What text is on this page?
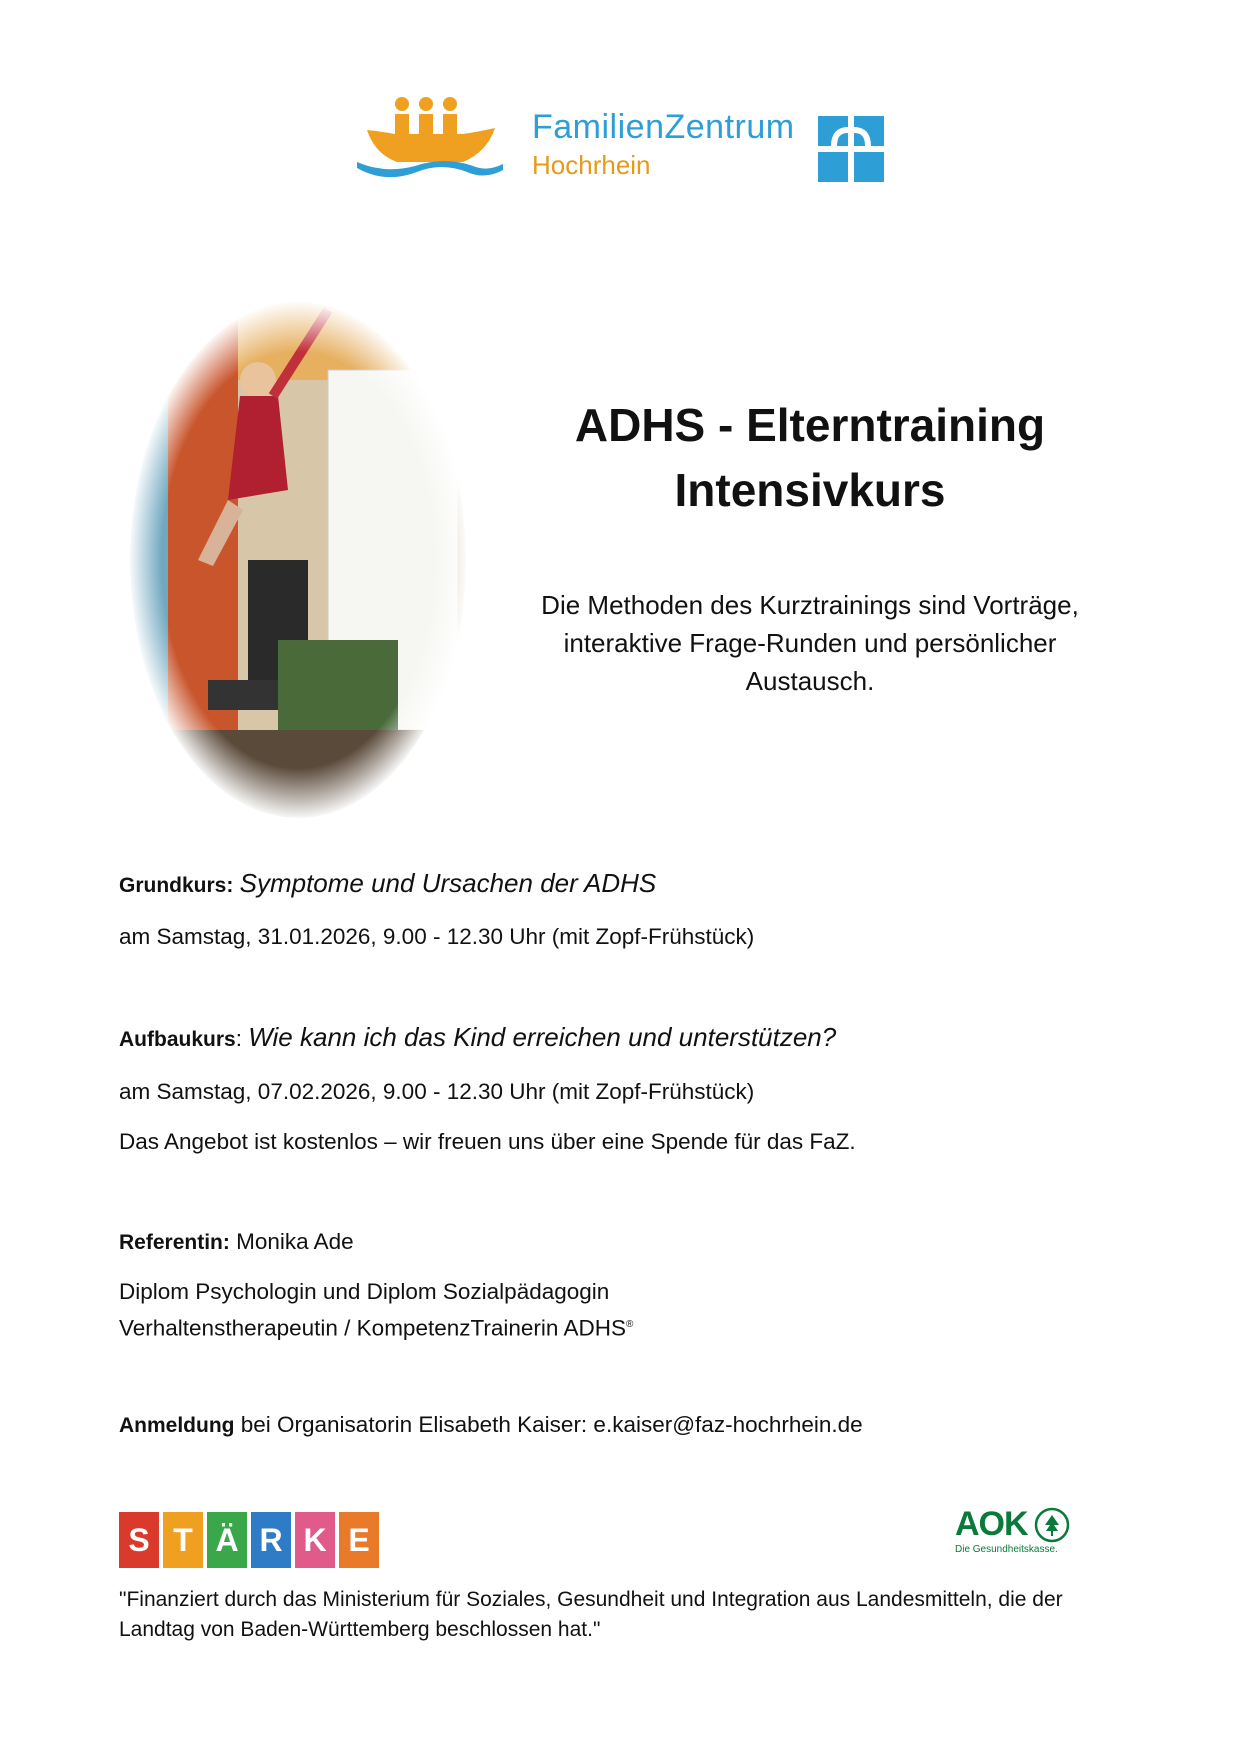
FamilienZentrum
Hochrhein
ADHS - Elterntraining
Intensivkurs
Die Methoden des Kurztrainings sind Vorträge,
interaktive Frage-Runden und persönlicher
Austausch.
Grundkurs: Symptome und Ursachen der ADHS
am Samstag, 31.01.2026, 9.00 - 12.30 Uhr (mit Zopf-Frühstück)
Aufbaukurs: Wie kann ich das Kind erreichen und unterstützen?
am Samstag, 07.02.2026, 9.00 - 12.30 Uhr (mit Zopf-Frühstück)
Das Angebot ist kostenlos – wir freuen uns über eine Spende für das FaZ.
Referentin: Monika Ade
Diplom Psychologin und Diplom Sozialpädagogin
Verhaltenstherapeutin / KompetenzTrainerin ADHS®
Anmeldung bei Organisatorin Elisabeth Kaiser: e.kaiser@faz-hochrhein.de
S T Ä R K E	AOK
Die Gesundheitskasse.
"Finanziert durch das Ministerium für Soziales, Gesundheit und Integration aus Landesmitteln, die der
Landtag von Baden-Württemberg beschlossen hat."
